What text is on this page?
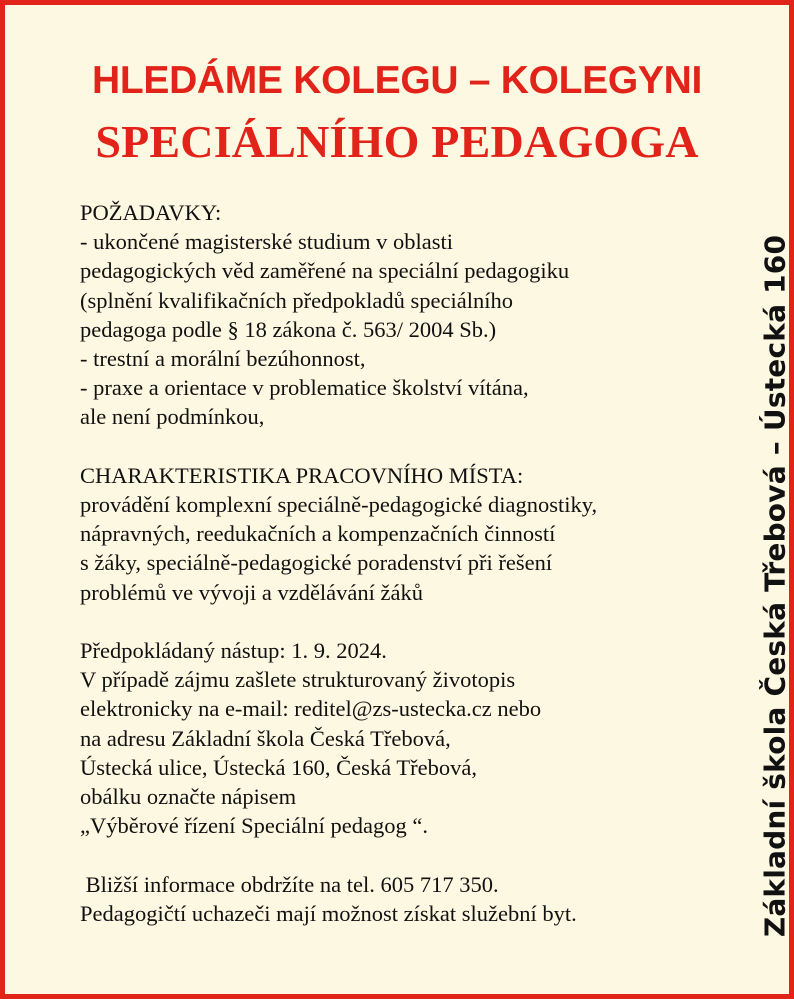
HLEDÁME KOLEGU – KOLEGYNI
SPECIÁLNÍHO PEDAGOGA
POŽADAVKY:
- ukončené magisterské studium v oblasti
pedagogických věd zaměřené na speciální pedagogiku
(splnění kvalifikačních předpokladů speciálního
pedagoga podle § 18 zákona č. 563/ 2004 Sb.)
- trestní a morální bezúhonnost,
- praxe a orientace v problematice školství vítána,
ale není podmínkou,
CHARAKTERISTIKA PRACOVNÍHO MÍSTA:
provádění komplexní speciálně-pedagogické diagnostiky,
nápravných, reedukačních a kompenzačních činností
s žáky, speciálně-pedagogické poradenství při řešení
problémů ve vývoji a vzdělávání žáků
Předpokládaný nástup: 1. 9. 2024.
V případě zájmu zašlete strukturovaný životopis
elektronicky na e-mail: reditel@zs-ustecka.cz nebo
na adresu Základní škola Česká Třebová,
Ústecká ulice, Ústecká 160, Česká Třebová,
obálku označte nápisem
„Výběrové řízení Speciální pedagog “.
Bližší informace obdržíte na tel. 605 717 350.
Pedagogičtí uchazeči mají možnost získat služební byt.	Základní škola Česká Třebová – Ústecká 160
